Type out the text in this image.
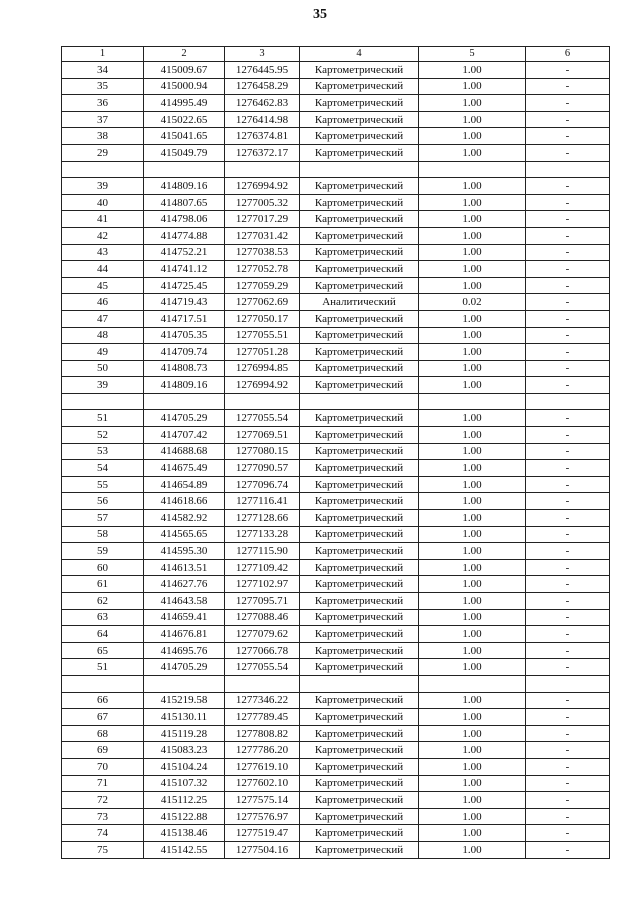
35
1	2	3	4	5	6
34	415009.67	1276445.95	Картометрический	1.00	-
35	415000.94	1276458.29	Картометрический	1.00	-
36	414995.49	1276462.83	Картометрический	1.00	-
37	415022.65	1276414.98	Картометрический	1.00	-
38	415041.65	1276374.81	Картометрический	1.00	-
29	415049.79	1276372.17	Картометрический	1.00	-

39	414809.16	1276994.92	Картометрический	1.00	-
40	414807.65	1277005.32	Картометрический	1.00	-
41	414798.06	1277017.29	Картометрический	1.00	-
42	414774.88	1277031.42	Картометрический	1.00	-
43	414752.21	1277038.53	Картометрический	1.00	-
44	414741.12	1277052.78	Картометрический	1.00	-
45	414725.45	1277059.29	Картометрический	1.00	-
46	414719.43	1277062.69	Аналитический	0.02	-
47	414717.51	1277050.17	Картометрический	1.00	-
48	414705.35	1277055.51	Картометрический	1.00	-
49	414709.74	1277051.28	Картометрический	1.00	-
50	414808.73	1276994.85	Картометрический	1.00	-
39	414809.16	1276994.92	Картометрический	1.00	-

51	414705.29	1277055.54	Картометрический	1.00	-
52	414707.42	1277069.51	Картометрический	1.00	-
53	414688.68	1277080.15	Картометрический	1.00	-
54	414675.49	1277090.57	Картометрический	1.00	-
55	414654.89	1277096.74	Картометрический	1.00	-
56	414618.66	1277116.41	Картометрический	1.00	-
57	414582.92	1277128.66	Картометрический	1.00	-
58	414565.65	1277133.28	Картометрический	1.00	-
59	414595.30	1277115.90	Картометрический	1.00	-
60	414613.51	1277109.42	Картометрический	1.00	-
61	414627.76	1277102.97	Картометрический	1.00	-
62	414643.58	1277095.71	Картометрический	1.00	-
63	414659.41	1277088.46	Картометрический	1.00	-
64	414676.81	1277079.62	Картометрический	1.00	-
65	414695.76	1277066.78	Картометрический	1.00	-
51	414705.29	1277055.54	Картометрический	1.00	-

66	415219.58	1277346.22	Картометрический	1.00	-
67	415130.11	1277789.45	Картометрический	1.00	-
68	415119.28	1277808.82	Картометрический	1.00	-
69	415083.23	1277786.20	Картометрический	1.00	-
70	415104.24	1277619.10	Картометрический	1.00	-
71	415107.32	1277602.10	Картометрический	1.00	-
72	415112.25	1277575.14	Картометрический	1.00	-
73	415122.88	1277576.97	Картометрический	1.00	-
74	415138.46	1277519.47	Картометрический	1.00	-
75	415142.55	1277504.16	Картометрический	1.00	-
